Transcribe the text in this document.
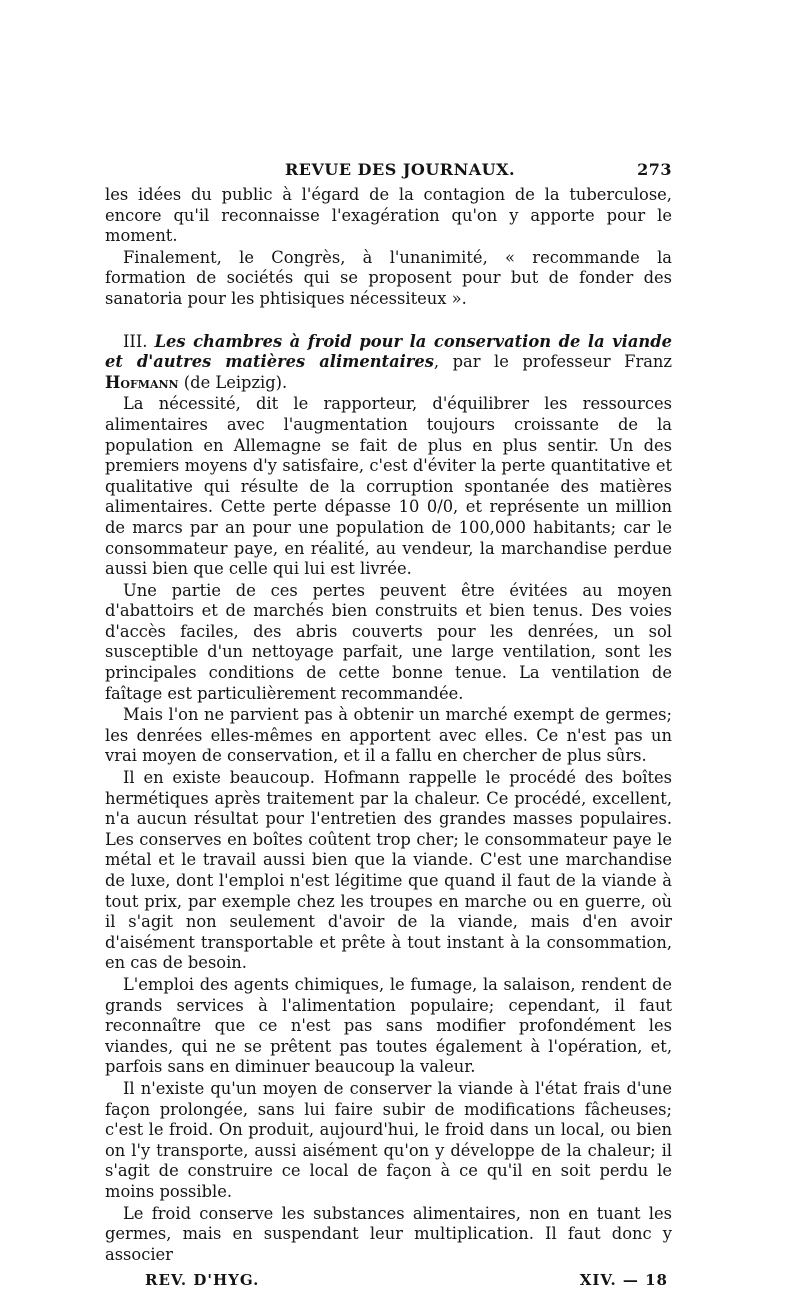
REVUE DES JOURNAUX.	273

les idées du public à l'égard de la contagion de la tuberculose, encore qu'il reconnaisse l'exagération qu'on y apporte pour le moment.

Finalement, le Congrès, à l'unanimité, « recommande la formation de sociétés qui se proposent pour but de fonder des sanatoria pour les phtisiques nécessiteux ».

III. Les chambres à froid pour la conservation de la viande et d'autres matières alimentaires, par le professeur Franz Hofmann (de Leipzig).

La nécessité, dit le rapporteur, d'équilibrer les ressources alimentaires avec l'augmentation toujours croissante de la population en Allemagne se fait de plus en plus sentir. Un des premiers moyens d'y satisfaire, c'est d'éviter la perte quantitative et qualitative qui résulte de la corruption spontanée des matières alimentaires. Cette perte dépasse 10 0/0, et représente un million de marcs par an pour une population de 100,000 habitants; car le consommateur paye, en réalité, au vendeur, la marchandise perdue aussi bien que celle qui lui est livrée.

Une partie de ces pertes peuvent être évitées au moyen d'abattoirs et de marchés bien construits et bien tenus. Des voies d'accès faciles, des abris couverts pour les denrées, un sol susceptible d'un nettoyage parfait, une large ventilation, sont les principales conditions de cette bonne tenue. La ventilation de faîtage est particulièrement recommandée.

Mais l'on ne parvient pas à obtenir un marché exempt de germes; les denrées elles-mêmes en apportent avec elles. Ce n'est pas un vrai moyen de conservation, et il a fallu en chercher de plus sûrs.

Il en existe beaucoup. Hofmann rappelle le procédé des boîtes hermétiques après traitement par la chaleur. Ce procédé, excellent, n'a aucun résultat pour l'entretien des grandes masses populaires. Les conserves en boîtes coûtent trop cher; le consommateur paye le métal et le travail aussi bien que la viande. C'est une marchandise de luxe, dont l'emploi n'est légitime que quand il faut de la viande à tout prix, par exemple chez les troupes en marche ou en guerre, où il s'agit non seulement d'avoir de la viande, mais d'en avoir d'aisément transportable et prête à tout instant à la consommation, en cas de besoin.

L'emploi des agents chimiques, le fumage, la salaison, rendent de grands services à l'alimentation populaire; cependant, il faut reconnaître que ce n'est pas sans modifier profondément les viandes, qui ne se prêtent pas toutes également à l'opération, et, parfois sans en diminuer beaucoup la valeur.

Il n'existe qu'un moyen de conserver la viande à l'état frais d'une façon prolongée, sans lui faire subir de modifications fâcheuses; c'est le froid. On produit, aujourd'hui, le froid dans un local, ou bien on l'y transporte, aussi aisément qu'on y développe de la chaleur; il s'agit de construire ce local de façon à ce qu'il en soit perdu le moins possible.

Le froid conserve les substances alimentaires, non en tuant les germes, mais en suspendant leur multiplication. Il faut donc y associer

REV. D'HYG.	XIV. — 18
